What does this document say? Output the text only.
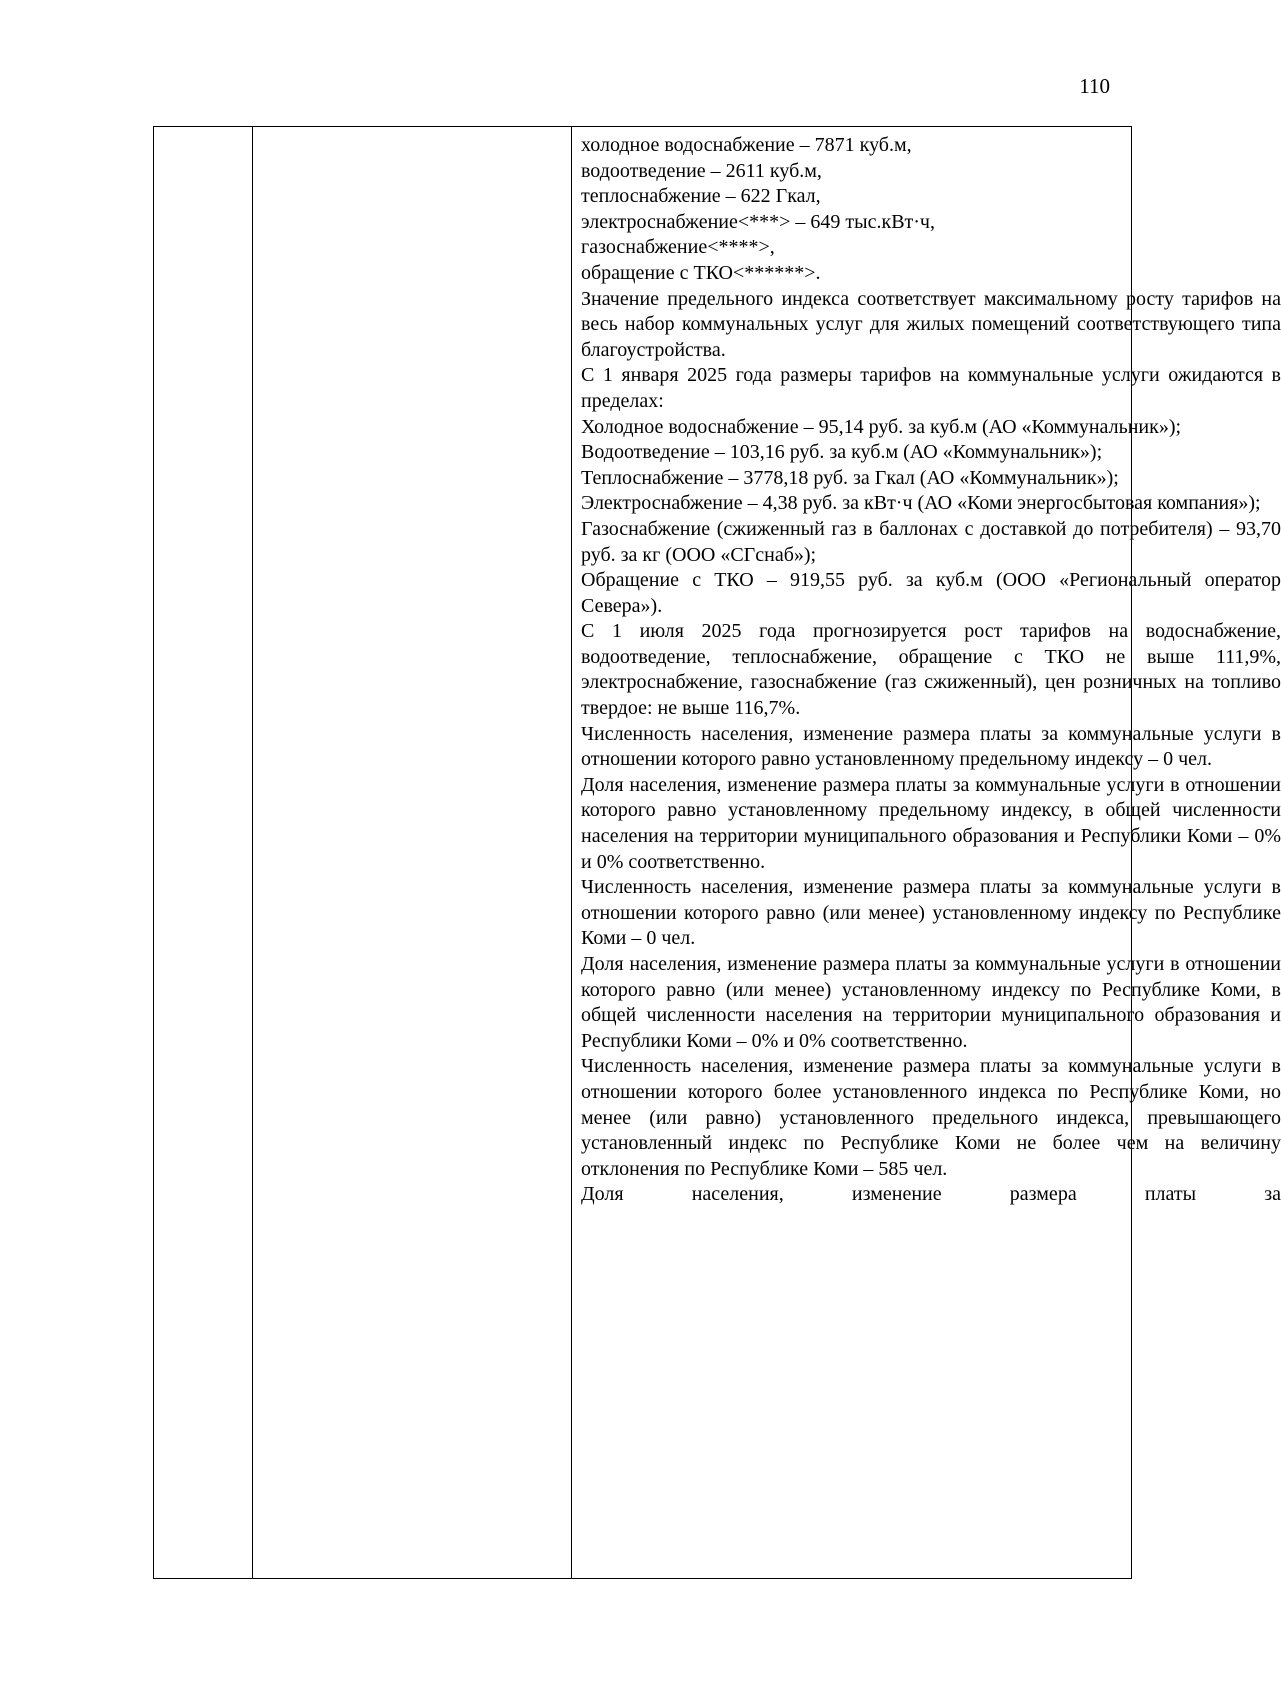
110

холодное водоснабжение – 7871 куб.м,

водоотведение – 2611 куб.м,

теплоснабжение – 622 Гкал,

электроснабжение<***> – 649 тыс.кВт·ч,

газоснабжение<****>,

обращение с ТКО<******>.

Значение предельного индекса соответствует максимальному росту тарифов на весь набор коммунальных услуг для жилых помещений соответствующего типа благоустройства.

С 1 января 2025 года размеры тарифов на коммунальные услуги ожидаются в пределах:

Холодное водоснабжение – 95,14 руб. за куб.м (АО «Коммунальник»);

Водоотведение – 103,16 руб. за куб.м (АО «Коммунальник»);

Теплоснабжение – 3778,18 руб. за Гкал (АО «Коммунальник»);

Электроснабжение – 4,38 руб. за кВт·ч (АО «Коми энергосбытовая компания»);

Газоснабжение (сжиженный газ в баллонах с доставкой до потребителя) – 93,70 руб. за кг (ООО «СГснаб»);

Обращение с ТКО – 919,55 руб. за куб.м (ООО «Региональный оператор Севера»).

С 1 июля 2025 года прогнозируется рост тарифов на водоснабжение, водоотведение, теплоснабжение, обращение с ТКО не выше 111,9%, электроснабжение, газоснабжение (газ сжиженный), цен розничных на топливо твердое: не выше 116,7%.

Численность населения, изменение размера платы за коммунальные услуги в отношении которого равно установленному предельному индексу – 0 чел.

Доля населения, изменение размера платы за коммунальные услуги в отношении которого равно установленному предельному индексу, в общей численности населения на территории муниципального образования и Республики Коми – 0% и 0% соответственно.

Численность населения, изменение размера платы за коммунальные услуги в отношении которого равно (или менее) установленному индексу по Республике Коми – 0 чел.

Доля населения, изменение размера платы за коммунальные услуги в отношении которого равно (или менее) установленному индексу по Республике Коми, в общей численности населения на территории муниципального образования и Республики Коми – 0% и 0% соответственно.

Численность населения, изменение размера платы за коммунальные услуги в отношении которого более установленного индекса по Республике Коми, но менее (или равно) установленного предельного индекса, превышающего установленный индекс по Республике Коми не более чем на величину отклонения по Республике Коми – 585 чел.

Доля населения, изменение размера платы за
